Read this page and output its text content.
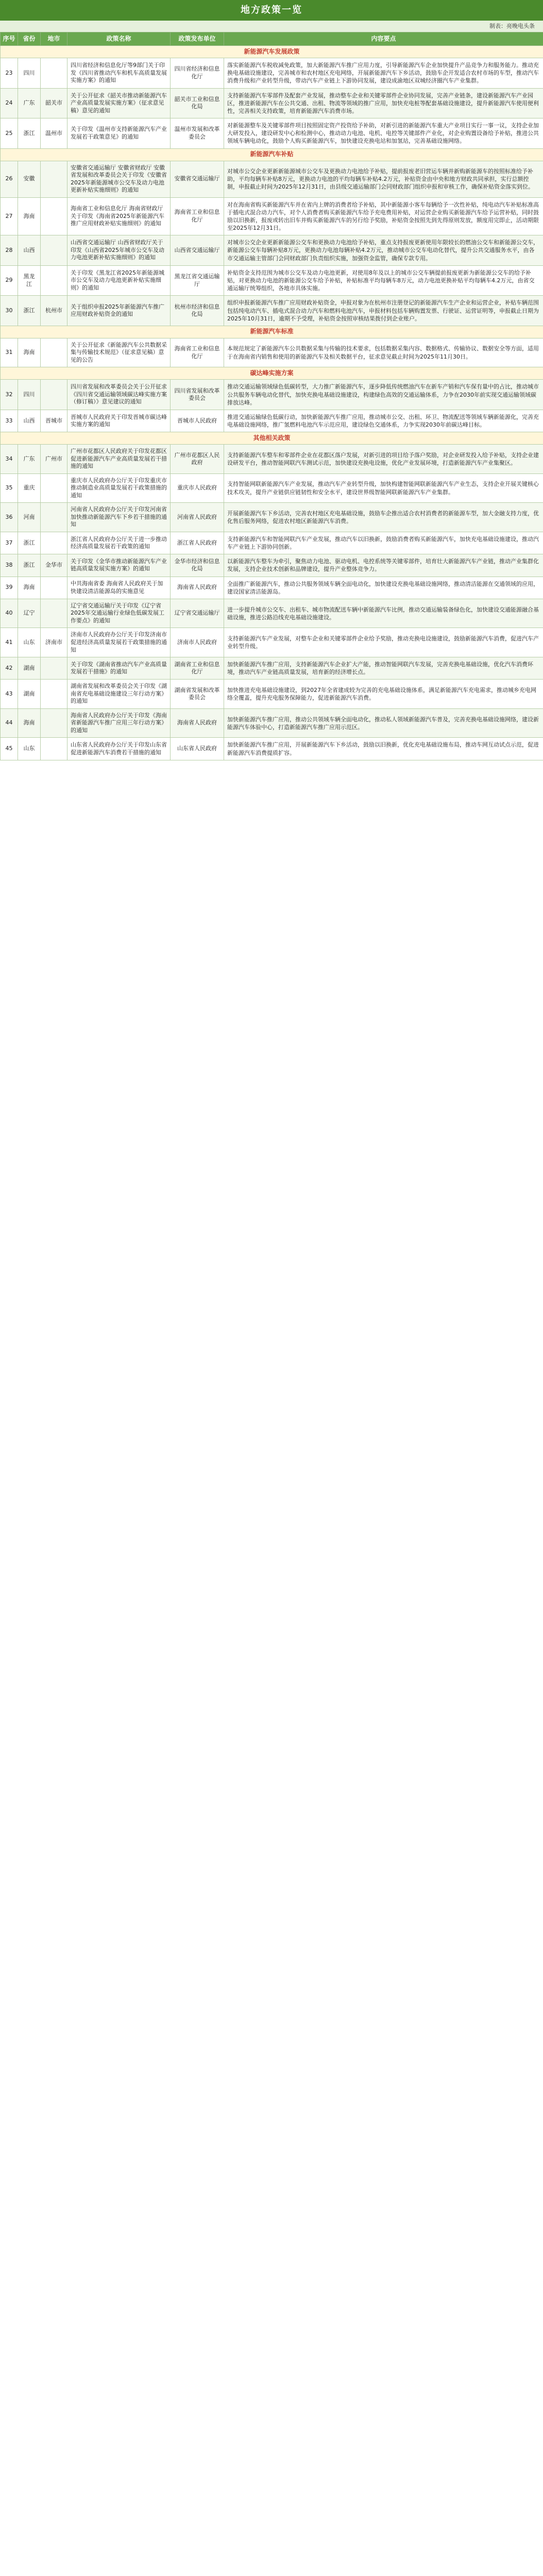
地方政策一览
制表：亮晚电头条
序号	省份	地市	政策名称	政策发布单位	内容要点
新能源汽车发展政策					
23	四川		四川省经济和信息化厅等9部门关于印发《四川省推动汽车和机车高质量发展实施方案》的通知	四川省经济和信息化厅	落实新能源汽车税收减免政策，加大新能源汽车推广应用力度，引导新能源汽车企业加快提升产品竞争力和服务能力。推动充换电基础设施建设，完善城市和农村地区充电网络，开展新能源汽车下乡活动，鼓励车企开发适合农村市场的车型，推动汽车消费升级和产业转型升级，带动汽车产业链上下游协同发展，建设成渝地区双城经济圈汽车产业集群。
24	广东	韶关市	关于公开征求《韶关市推动新能源汽车产业高质量发展实施方案》（征求意见稿）意见的通知	韶关市工业和信息化局	支持新能源汽车零部件及配套产业发展，推动整车企业和关键零部件企业协同发展，完善产业链条，建设新能源汽车产业园区，推进新能源汽车在公共交通、出租、物流等领域的推广应用，加快充电桩等配套基础设施建设，提升新能源汽车使用便利性，完善相关支持政策，培育新能源汽车消费市场。
25	浙江	温州市	关于印发《温州市支持新能源汽车产业发展若干政策意见》的通知	温州市发展和改革委员会	对新能源整车及关键零部件项目按照固定资产投资给予补助，对新引进的新能源汽车重大产业项目实行一事一议，支持企业加大研发投入，建设研发中心和检测中心，推动动力电池、电机、电控等关键部件产业化，对企业购置设备给予补贴，推进公共领域车辆电动化，鼓励个人购买新能源汽车，加快建设充换电站和加氢站，完善基础设施网络。
新能源汽车补贴					
26	安徽		安徽省交通运输厅 安徽省财政厅 安徽省发展和改革委员会关于印发《安徽省2025年新能源城市公交车及动力电池更新补贴实施细则》的通知	安徽省交通运输厅	对城市公交企业更新新能源城市公交车及更换动力电池给予补贴，提前报废老旧营运车辆并新购新能源车的按照标准给予补助，平均每辆车补贴8万元，更换动力电池的平均每辆车补贴4.2万元，补贴资金由中央和地方财政共同承担，实行总额控制，申报截止时间为2025年12月31日，由县级交通运输部门会同财政部门组织申报和审核工作，确保补贴资金落实到位。
27	海南		海南省工业和信息化厅 海南省财政厅关于印发《海南省2025年新能源汽车推广应用财政补贴实施细则》的通知	海南省工业和信息化厅	对在海南省购买新能源汽车并在省内上牌的消费者给予补贴，其中新能源小客车每辆给予一次性补贴，纯电动汽车补贴标准高于插电式混合动力汽车，对个人消费者购买新能源汽车给予充电费用补贴，对运营企业购买新能源汽车给予运营补贴，同时鼓励以旧换新，报废或转出旧车并购买新能源汽车的另行给予奖励，补贴资金按照先到先得原则发放，额度用完即止，活动期限至2025年12月31日。
28	山西		山西省交通运输厅 山西省财政厅关于印发《山西省2025年城市公交车及动力电池更新补贴实施细则》的通知	山西省交通运输厅	对城市公交企业更新新能源公交车和更换动力电池给予补贴，重点支持报废更新使用年限较长的燃油公交车和新能源公交车，新能源公交车每辆补贴8万元，更换动力电池每辆补贴4.2万元，推动城市公交车电动化替代，提升公共交通服务水平，由各市交通运输主管部门会同财政部门负责组织实施，加强资金监管，确保专款专用。
29	黑龙江		关于印发《黑龙江省2025年新能源城市公交车及动力电池更新补贴实施细则》的通知	黑龙江省交通运输厅	补贴资金支持范围为城市公交车及动力电池更新，对使用8年及以上的城市公交车辆提前报废更新为新能源公交车的给予补贴，对更换动力电池的新能源公交车给予补贴，补贴标准平均每辆车8万元，动力电池更换补贴平均每辆车4.2万元，由省交通运输厅统筹组织，各地市具体实施。
30	浙江	杭州市	关于组织申报2025年新能源汽车推广应用财政补贴资金的通知	杭州市经济和信息化局	组织申报新能源汽车推广应用财政补贴资金，申报对象为在杭州市注册登记的新能源汽车生产企业和运营企业，补贴车辆范围包括纯电动汽车、插电式混合动力汽车和燃料电池汽车，申报材料包括车辆购置发票、行驶证、运营证明等，申报截止日期为2025年10月31日，逾期不予受理，补贴资金按照审核结果拨付到企业账户。
新能源汽车标准					
31	海南		关于公开征求《新能源汽车公共数据采集与传输技术规范》（征求意见稿）意见的公告	海南省工业和信息化厅	本规范规定了新能源汽车公共数据采集与传输的技术要求，包括数据采集内容、数据格式、传输协议、数据安全等方面，适用于在海南省内销售和使用的新能源汽车及相关数据平台，征求意见截止时间为2025年11月30日。
碳达峰实施方案					
32	四川		四川省发展和改革委员会关于公开征求《四川省交通运输领域碳达峰实施方案（修订稿）》意见建议的通知	四川省发展和改革委员会	推动交通运输领域绿色低碳转型，大力推广新能源汽车，逐步降低传统燃油汽车在新车产销和汽车保有量中的占比，推动城市公共服务车辆电动化替代，加快充换电基础设施建设，构建绿色高效的交通运输体系，力争在2030年前实现交通运输领域碳排放达峰。
33	山西	晋城市	晋城市人民政府关于印发晋城市碳达峰实施方案的通知	晋城市人民政府	推进交通运输绿色低碳行动，加快新能源汽车推广应用，推动城市公交、出租、环卫、物流配送等领域车辆新能源化，完善充电基础设施网络，推广氢燃料电池汽车示范应用，建设绿色交通体系，力争实现2030年前碳达峰目标。
其他相关政策					
34	广东	广州市	广州市花都区人民政府关于印发花都区促进新能源汽车产业高质量发展若干措施的通知	广州市花都区人民政府	支持新能源汽车整车和零部件企业在花都区落户发展，对新引进的项目给予落户奖励，对企业研发投入给予补贴，支持企业建设研发平台，推动智能网联汽车测试示范，加快建设充换电设施，优化产业发展环境，打造新能源汽车产业集聚区。
35	重庆		重庆市人民政府办公厅关于印发重庆市推动制造业高质量发展若干政策措施的通知	重庆市人民政府	支持智能网联新能源汽车产业发展，推动汽车产业转型升级，加快构建智能网联新能源汽车产业生态，支持企业开展关键核心技术攻关，提升产业链供应链韧性和安全水平，建设世界级智能网联新能源汽车产业集群。
36	河南		河南省人民政府办公厅关于印发河南省加快推动新能源汽车下乡若干措施的通知	河南省人民政府	开展新能源汽车下乡活动，完善农村地区充电基础设施，鼓励车企推出适合农村消费者的新能源车型，加大金融支持力度，优化售后服务网络，促进农村地区新能源汽车消费。
37	浙江		浙江省人民政府办公厅关于进一步推动经济高质量发展若干政策的通知	浙江省人民政府	支持新能源汽车和智能网联汽车产业发展，推动汽车以旧换新，鼓励消费者购买新能源汽车，加快充电基础设施建设，推动汽车产业链上下游协同创新。
38	浙江	金华市	关于印发《金华市推动新能源汽车产业链高质量发展实施方案》的通知	金华市经济和信息化局	以新能源汽车整车为牵引，聚焦动力电池、驱动电机、电控系统等关键零部件，培育壮大新能源汽车产业链，推动产业集群化发展，支持企业技术创新和品牌建设，提升产业整体竞争力。
39	海南		中共海南省委 海南省人民政府关于加快建设清洁能源岛的实施意见	海南省人民政府	全面推广新能源汽车，推动公共服务领域车辆全面电动化，加快建设充换电基础设施网络，推动清洁能源在交通领域的应用，建设国家清洁能源岛。
40	辽宁		辽宁省交通运输厅关于印发《辽宁省2025年交通运输行业绿色低碳发展工作要点》的通知	辽宁省交通运输厅	进一步提升城市公交车、出租车、城市物流配送车辆中新能源汽车比例，推动交通运输装备绿色化，加快建设交通能源融合基础设施，推进公路沿线充电基础设施建设。
41	山东	济南市	济南市人民政府办公厅关于印发济南市促进经济高质量发展若干政策措施的通知	济南市人民政府	支持新能源汽车产业发展，对整车企业和关键零部件企业给予奖励，推动充换电设施建设，鼓励新能源汽车消费，促进汽车产业转型升级。
42	湖南		关于印发《湖南省推动汽车产业高质量发展若干措施》的通知	湖南省工业和信息化厅	加快新能源汽车推广应用，支持新能源汽车企业扩大产能，推动智能网联汽车发展，完善充换电基础设施，优化汽车消费环境，推动汽车产业链高质量发展，培育新的经济增长点。
43	湖南		湖南省发展和改革委员会关于印发《湖南省充电基础设施建设三年行动方案》的通知	湖南省发展和改革委员会	加快推进充电基础设施建设，到2027年全省建成较为完善的充电基础设施体系，满足新能源汽车充电需求，推动城乡充电网络全覆盖，提升充电服务保障能力，促进新能源汽车消费。
44	海南		海南省人民政府办公厅关于印发《海南省新能源汽车推广应用三年行动方案》的通知	海南省人民政府	加快新能源汽车推广应用，推动公共领域车辆全面电动化，推动私人领域新能源汽车普及，完善充换电基础设施网络，建设新能源汽车体验中心，打造新能源汽车推广应用示范区。
45	山东		山东省人民政府办公厅关于印发山东省促进新能源汽车消费若干措施的通知	山东省人民政府	加快新能源汽车推广应用，开展新能源汽车下乡活动，鼓励以旧换新，优化充电基础设施布局，推动车网互动试点示范，促进新能源汽车消费提质扩容。
